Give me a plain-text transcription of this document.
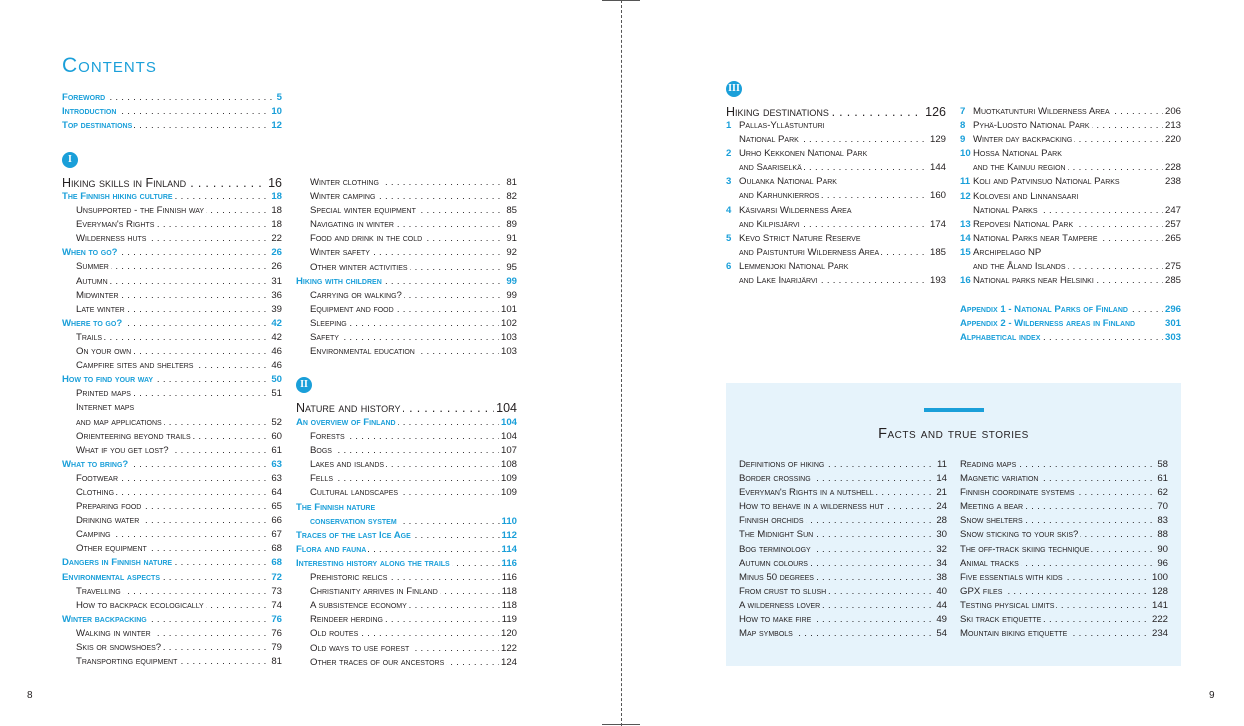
Contents
. . . Foreword	5
. . . Introduction	10
. . . Top destinations	12
I
. . . Hiking skills in Finland	16
. . . The Finnish hiking culture	18
. . . Unsupported - the Finnish way	18
. . . Everyman's Rights	18
. . . Wilderness huts	22
. . . When to go?	26
. . . Summer	26
. . . Autumn	31
. . . Midwinter	36
. . . Late winter	39
. . . Where to go?	42
. . . Trails	42
. . . On your own	46
. . . Campfire sites and shelters	46
. . . How to find your way	50
. . . Printed maps	51
Internet maps
. . . and map applications	52
. . . Orienteering beyond trails	60
. . . What if you get lost?	61
. . . What to bring?	63
. . . Footwear	63
. . . Clothing	64
. . . Preparing food	65
. . . Drinking water	66
. . . Camping	67
. . . Other equipment	68
. . . Dangers in Finnish nature	68
. . . Environmental aspects	72
. . . Travelling	73
. . . How to backpack ecologically	74
. . . Winter backpacking	76
. . . Walking in winter	76
. . . Skis or snowshoes?	79
. . . Transporting equipment	81
. . . Winter clothing	81
. . . Winter camping	82
. . . Special winter equipment	85
. . . Navigating in winter	89
. . . Food and drink in the cold	91
. . . Winter safety	92
. . . Other winter activities	95
. . . Hiking with children	99
. . . Carrying or walking?	99
. . . Equipment and food	101
. . . Sleeping	102
. . . Safety	103
. . . Environmental education	103
II
. . . Nature and history	104
. . . An overview of Finland	104
. . . Forests	104
. . . Bogs	107
. . . Lakes and islands	108
. . . Fells	109
. . . Cultural landscapes	109
The Finnish nature
. . . conservation system	110
. . . Traces of the last Ice Age	112
. . . Flora and fauna	114
. . . Interesting history along the trails	116
. . . Prehistoric relics	116
. . . Christianity arrives in Finland	118
. . . A subsistence economy	118
. . . Reindeer herding	119
. . . Old routes	120
. . . Old ways to use forest	122
. . . Other traces of our ancestors	124
8
III
. . . Hiking destinations	126
1 Pallas-Yllästunturi
. . . National Park	129
2 Urho Kekkonen National Park
. . . and Saariselkä	144
3 Oulanka National Park
. . . and Karhunkierros	160
4 Käsivarsi Wilderness Area
. . . and Kilpisjärvi	174
5 Kevo Strict Nature Reserve
. . . and Paistunturi Wilderness Area	185
6 Lemmenjoki National Park
. . . and Lake Inarijärvi	193
. . . 7 Muotkatunturi Wilderness Area	206
. . . 8 Pyhä-Luosto National Park	213
. . . 9 Winter day backpacking	220
10 Hossa National Park
. . . and the Kainuu region	228
11 Koli and Patvinsuo National Parks	238
12 Kolovesi and Linnansaari
. . . National Parks	247
. . . 13 Repovesi National Park	257
. . . 14 National Parks near Tampere	265
15 Archipelago NP
. . . and the Åland Islands	275
. . . 16 National parks near Helsinki	285
. . . Appendix 1 - National Parks of Finland	296
Appendix 2 - Wilderness areas in Finland	301
. . . Alphabetical index	303
Facts and true stories
. . . Definitions of hiking	11
. . . Border crossing	14
. . . Everyman's Rights in a nutshell	21
. . . How to behave in a wilderness hut	24
. . . Finnish orchids	28
. . . The Midnight Sun	30
. . . Bog terminology	32
. . . Autumn colours	34
. . . Minus 50 degrees	38
. . . From crust to slush	40
. . . A wilderness lover	44
. . . How to make fire	49
. . . Map symbols	54
. . . Reading maps	58
. . . Magnetic variation	61
. . . Finnish coordinate systems	62
. . . Meeting a bear	70
. . . Snow shelters	83
. . . Snow sticking to your skis?	88
. . . The off-track skiing technique	90
. . . Animal tracks	96
. . . Five essentials with kids	100
. . . GPX files	128
. . . Testing physical limits	141
. . . Ski track etiquette	222
. . . Mountain biking etiquette	234
9
